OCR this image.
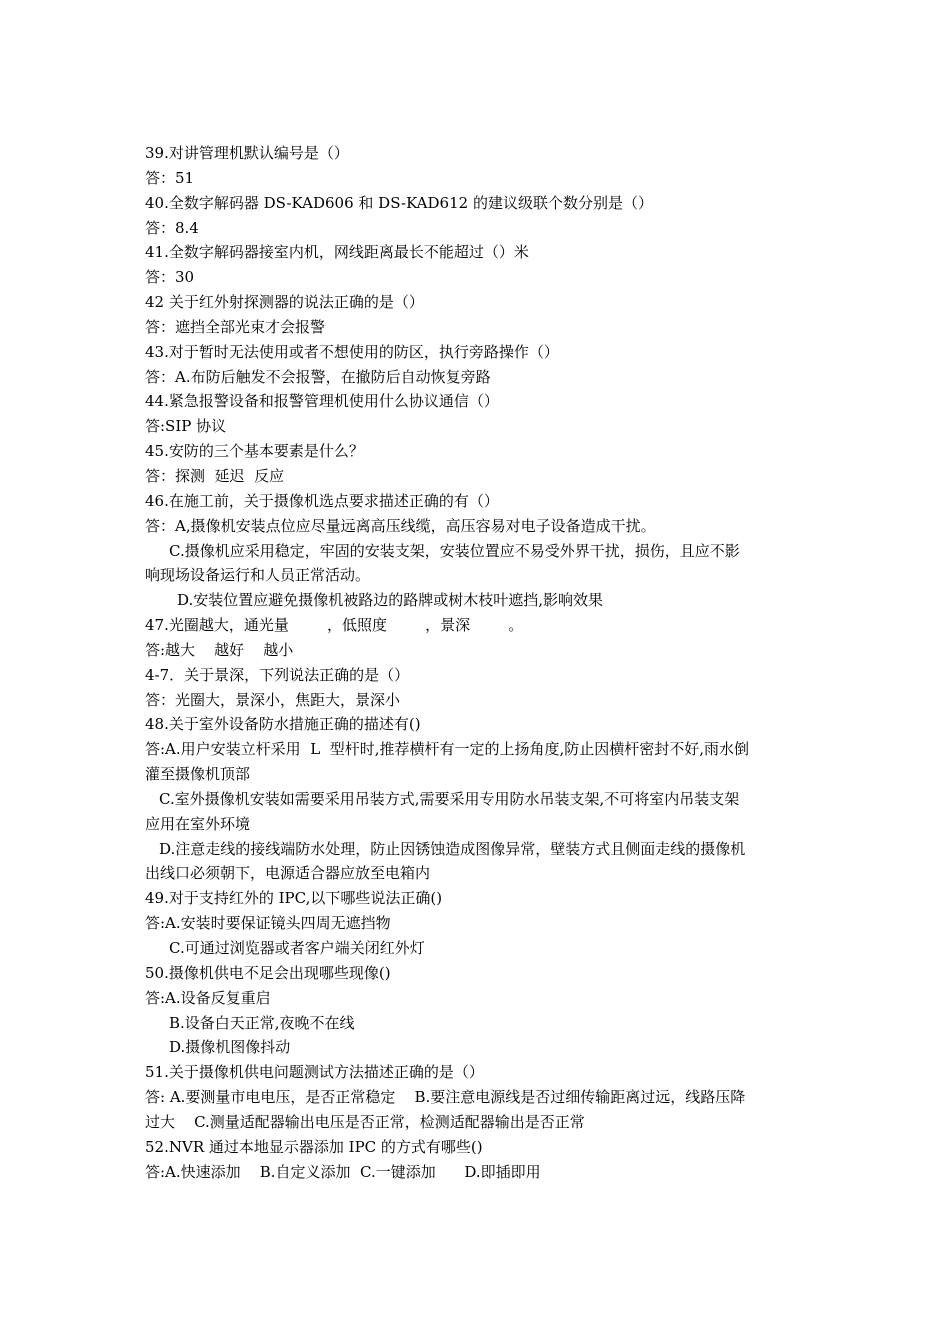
39.对讲管理机默认编号是（）
答：51
40.全数字解码器 DS-KAD606 和 DS-KAD612 的建议级联个数分别是（）
答：8.4
41.全数字解码器接室内机，网线距离最长不能超过（）米
答：30
42 关于红外射探测器的说法正确的是（）
答：遮挡全部光束才会报警
43.对于暂时无法使用或者不想使用的防区，执行旁路操作（）
答：A.布防后触发不会报警，在撤防后自动恢复旁路
44.紧急报警设备和报警管理机使用什么协议通信（）
答:SIP 协议
45.安防的三个基本要素是什么？
答：探测  延迟  反应
46.在施工前，关于摄像机选点要求描述正确的有（）
答：A,摄像机安装点位应尽量远离高压线缆，高压容易对电子设备造成干扰。
C.摄像机应采用稳定，牢固的安装支架，安装位置应不易受外界干扰，损伤，且应不影
响现场设备运行和人员正常活动。
D.安装位置应避免摄像机被路边的路牌或树木枝叶遮挡,影响效果
47.光圈越大，通光量        ，低照度        ，景深        。
答:越大    越好    越小
4-7．关于景深，下列说法正确的是（）
答：光圈大，景深小，焦距大，景深小
48.关于室外设备防水措施正确的描述有()
答:A.用户安装立杆采用  L  型杆时,推荐横杆有一定的上扬角度,防止因横杆密封不好,雨水倒
灌至摄像机顶部
C.室外摄像机安装如需要采用吊装方式,需要采用专用防水吊装支架,不可将室内吊装支架
应用在室外环境
D.注意走线的接线端防水处理，防止因锈蚀造成图像异常，壁装方式且侧面走线的摄像机
出线口必须朝下，电源适合器应放至电箱内
49.对于支持红外的 IPC,以下哪些说法正确()
答:A.安装时要保证镜头四周无遮挡物
C.可通过浏览器或者客户端关闭红外灯
50.摄像机供电不足会出现哪些现像()
答:A.设备反复重启
B.设备白天正常,夜晚不在线
D.摄像机图像抖动
51.关于摄像机供电问题测试方法描述正确的是（）
答: A.要测量市电电压，是否正常稳定    B.要注意电源线是否过细传输距离过远，线路压降
过大    C.测量适配器输出电压是否正常，检测适配器输出是否正常
52.NVR 通过本地显示器添加 IPC 的方式有哪些()
答:A.快速添加    B.自定义添加  C.一键添加      D.即插即用
